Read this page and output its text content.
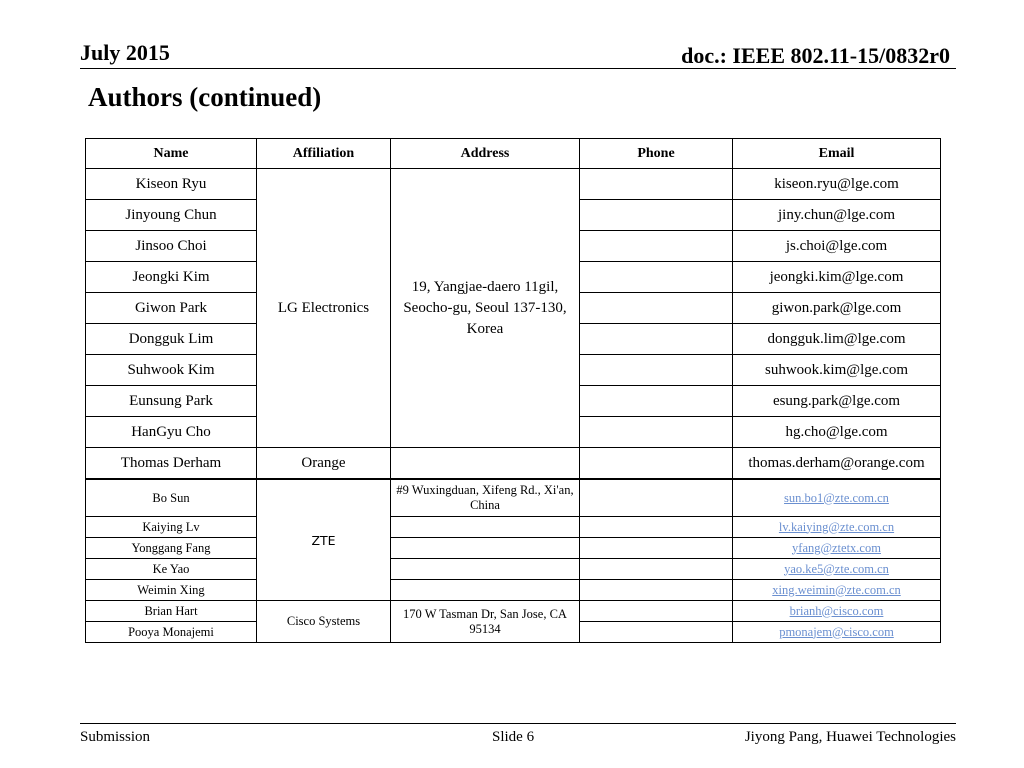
July 2015	doc.: IEEE 802.11-15/0832r0
Authors (continued)
Name	Affiliation	Address	Phone	Email
Kiseon Ryu	LG Electronics	19, Yangjae-daero 11gil, Seocho-gu, Seoul 137-130, Korea		kiseon.ryu@lge.com
Jinyoung Chun				jiny.chun@lge.com
Jinsoo Choi				js.choi@lge.com
Jeongki Kim				jeongki.kim@lge.com
Giwon Park				giwon.park@lge.com
Dongguk Lim				dongguk.lim@lge.com
Suhwook Kim				suhwook.kim@lge.com
Eunsung Park				esung.park@lge.com
HanGyu Cho				hg.cho@lge.com
Thomas Derham	Orange			thomas.derham@orange.com
Bo Sun	ZTE	#9 Wuxingduan, Xifeng Rd., Xi'an, China		sun.bo1@zte.com.cn
Kaiying Lv				lv.kaiying@zte.com.cn
Yonggang Fang				yfang@ztetx.com
Ke Yao				yao.ke5@zte.com.cn
Weimin Xing				xing.weimin@zte.com.cn
Brian Hart	Cisco Systems	170 W Tasman Dr, San Jose, CA 95134		brianh@cisco.com
Pooya Monajemi				pmonajem@cisco.com
Submission	Slide 6	Jiyong Pang, Huawei Technologies
